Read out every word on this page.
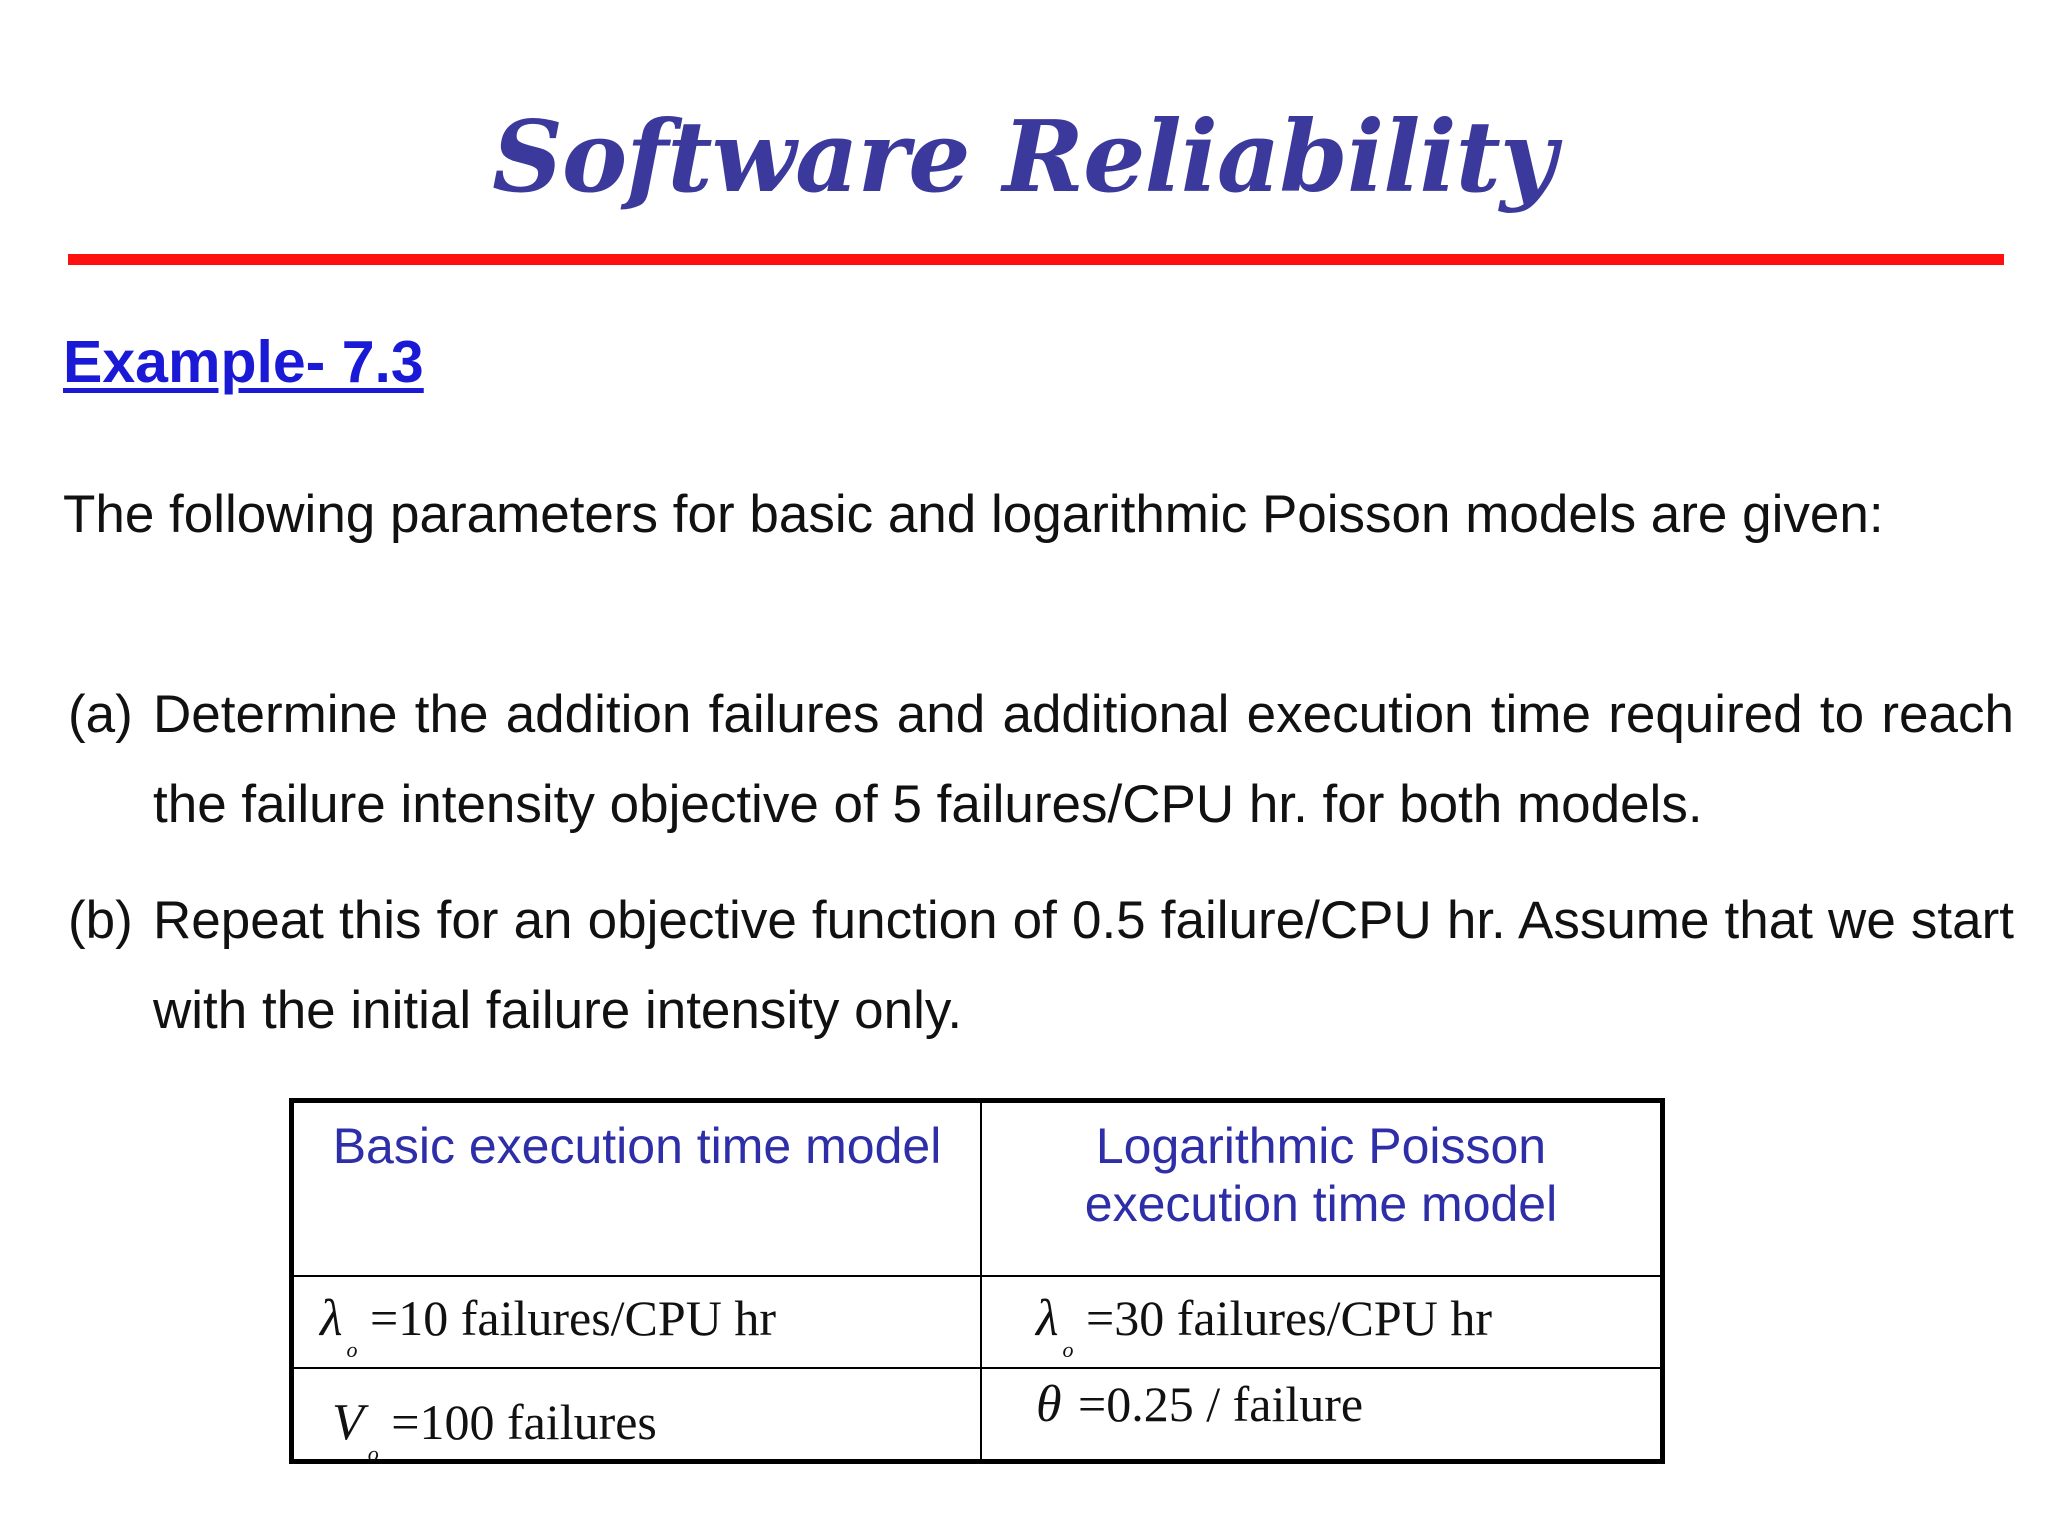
Software Reliability
Example- 7.3

The following parameters for basic and logarithmic Poisson models are given:

(a) Determine the addition failures and additional execution time required to reach the failure intensity objective of 5 failures/CPU hr. for both models.

(b) Repeat this for an objective function of 0.5 failure/CPU hr. Assume that we start with the initial failure intensity only.

Basic execution time model	Logarithmic Poisson execution time model

$\lambda_o =10$ failures/CPU hr	$\lambda_o =30$ failures/CPU hr

$V_o =100$ failures	θ =0.25 / failure
